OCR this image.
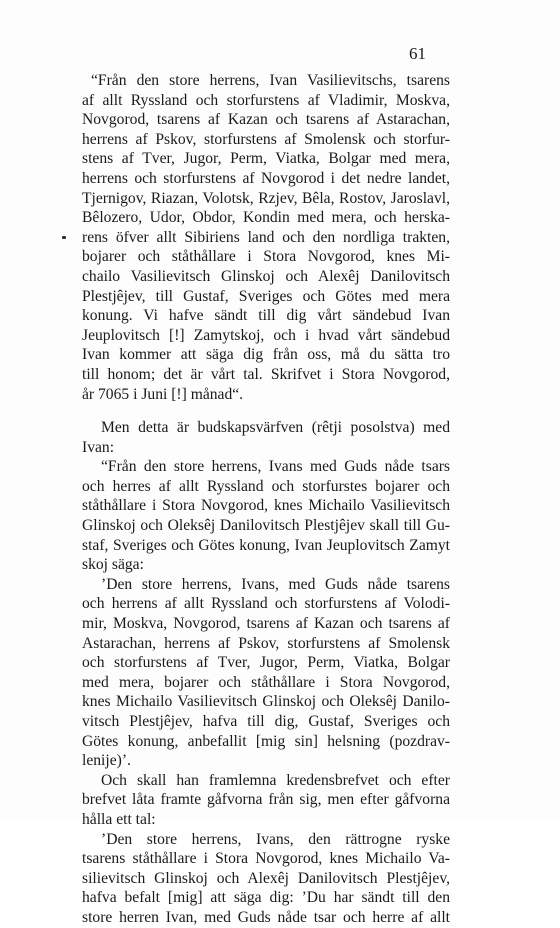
61
“Från den store herrens, Ivan Vasilievitschs, tsarens
af allt Ryssland och storfurstens af Vladimir, Moskva,
Novgorod, tsarens af Kazan och tsarens af Astarachan,
herrens af Pskov, storfurstens af Smolensk och storfur-
stens af Tver, Jugor, Perm, Viatka, Bolgar med mera,
herrens och storfurstens af Novgorod i det nedre landet,
Tjernigov, Riazan, Volotsk, Rzjev, Bêla, Rostov, Jaroslavl,
Bêlozero, Udor, Obdor, Kondin med mera, och herska-
rens öfver allt Sibiriens land och den nordliga trakten,
bojarer och ståthållare i Stora Novgorod, knes Mi-
chailo Vasilievitsch Glinskoj och Alexêj Danilovitsch
Plestjêjev, till Gustaf, Sveriges och Götes med mera
konung. Vi hafve sändt till dig vårt sändebud Ivan
Jeuplovitsch [!] Zamytskoj, och i hvad vårt sändebud
Ivan kommer att säga dig från oss, må du sätta tro
till honom; det är vårt tal. Skrifvet i Stora Novgorod,
år 7065 i Juni [!] månad“.
Men detta är budskapsvärfven (rêtji posolstva) med
Ivan:
“Från den store herrens, Ivans med Guds nåde tsars
och herres af allt Ryssland och storfurstes bojarer och
ståthållare i Stora Novgorod, knes Michailo Vasilievitsch
Glinskoj och Oleksêj Danilovitsch Plestjêjev skall till Gu-
staf, Sveriges och Götes konung, Ivan Jeuplovitsch Zamyt
skoj säga:
’Den store herrens, Ivans, med Guds nåde tsarens
och herrens af allt Ryssland och storfurstens af Volodi-
mir, Moskva, Novgorod, tsarens af Kazan och tsarens af
Astarachan, herrens af Pskov, storfurstens af Smolensk
och storfurstens af Tver, Jugor, Perm, Viatka, Bolgar
med mera, bojarer och ståthållare i Stora Novgorod,
knes Michailo Vasilievitsch Glinskoj och Oleksêj Danilo-
vitsch Plestjêjev, hafva till dig, Gustaf, Sveriges och
Götes konung, anbefallit [mig sin] helsning (pozdrav-
lenije)’.
Och skall han framlemna kredensbrefvet och efter
brefvet låta framte gåfvorna från sig, men efter gåfvorna
hålla ett tal:
’Den store herrens, Ivans, den rättrogne ryske
tsarens ståthållare i Stora Novgorod, knes Michailo Va-
silievitsch Glinskoj och Alexêj Danilovitsch Plestjêjev,
hafva befalt [mig] att säga dig: ’Du har sändt till den
store herren Ivan, med Guds nåde tsar och herre af allt
